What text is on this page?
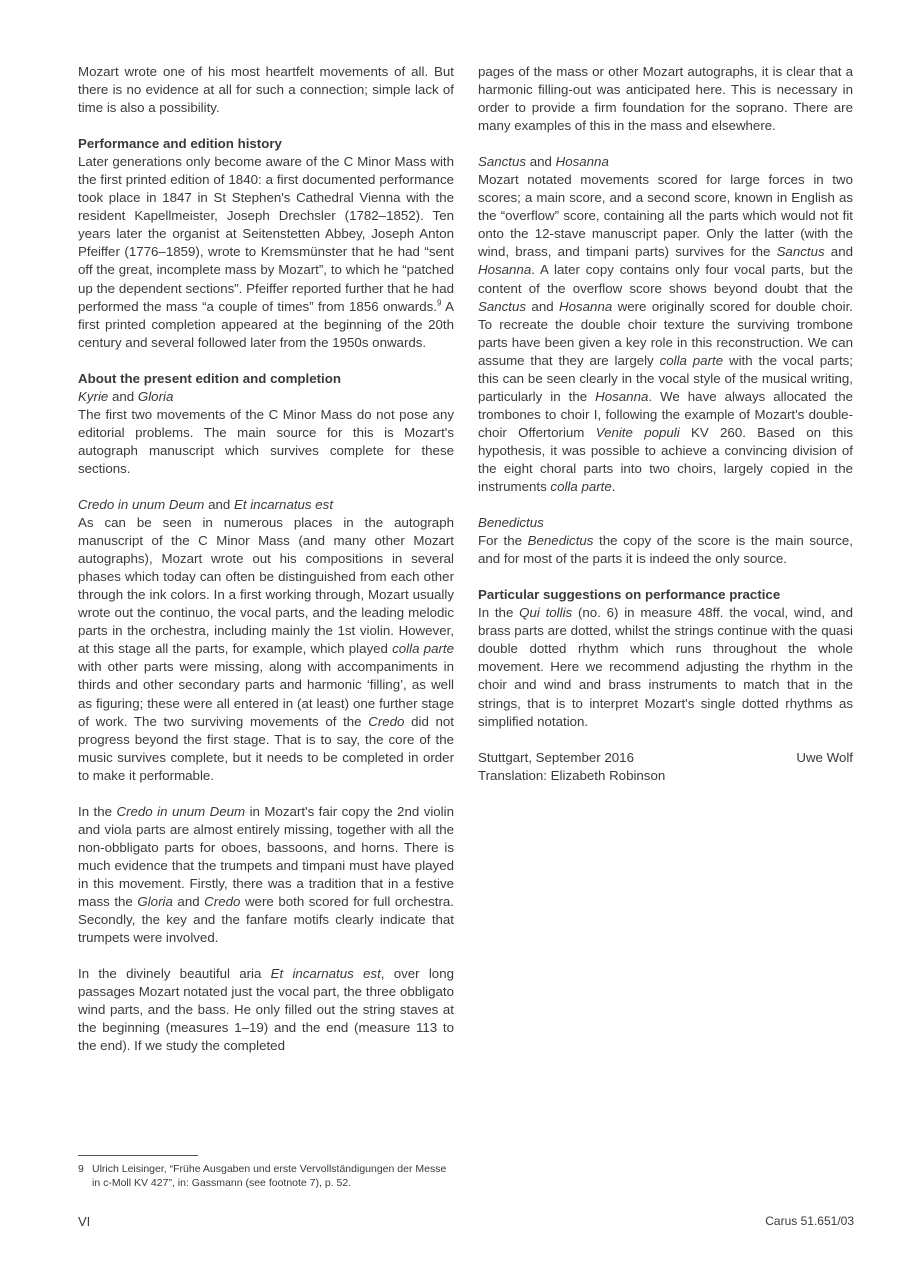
Mozart wrote one of his most heartfelt movements of all. But there is no evidence at all for such a connection; simple lack of time is also a possibility.

Performance and edition history

Later generations only become aware of the C Minor Mass with the first printed edition of 1840: a first documented performance took place in 1847 in St Stephen's Cathedral Vienna with the resident Kapellmeister, Joseph Drechsler (1782–1852). Ten years later the organist at Seitenstetten Abbey, Joseph Anton Pfeiffer (1776–1859), wrote to Kremsmünster that he had “sent off the great, incomplete mass by Mozart”, to which he “patched up the dependent sections”. Pfeiffer reported further that he had performed the mass “a couple of times” from 1856 onwards.$^9$ A first printed completion appeared at the beginning of the 20th century and several followed later from the 1950s onwards.

About the present edition and completion
Kyrie and Gloria

The first two movements of the C Minor Mass do not pose any editorial problems. The main source for this is Mozart's autograph manuscript which survives complete for these sections.

Credo in unum Deum and Et incarnatus est

As can be seen in numerous places in the autograph manuscript of the C Minor Mass (and many other Mozart autographs), Mozart wrote out his compositions in several phases which today can often be distinguished from each other through the ink colors. In a first working through, Mozart usually wrote out the continuo, the vocal parts, and the leading melodic parts in the orchestra, including mainly the 1st violin. However, at this stage all the parts, for example, which played colla parte with other parts were missing, along with accompaniments in thirds and other secondary parts and harmonic ‘filling’, as well as figuring; these were all entered in (at least) one further stage of work. The two surviving movements of the Credo did not progress beyond the first stage. That is to say, the core of the music survives complete, but it needs to be completed in order to make it performable.

In the Credo in unum Deum in Mozart's fair copy the 2nd violin and viola parts are almost entirely missing, together with all the non-obbligato parts for oboes, bassoons, and horns. There is much evidence that the trumpets and timpani must have played in this movement. Firstly, there was a tradition that in a festive mass the Gloria and Credo were both scored for full orchestra. Secondly, the key and the fanfare motifs clearly indicate that trumpets were involved.

In the divinely beautiful aria Et incarnatus est, over long passages Mozart notated just the vocal part, the three obbligato wind parts, and the bass. He only filled out the string staves at the beginning (measures 1–19) and the end (measure 113 to the end). If we study the completed

pages of the mass or other Mozart autographs, it is clear that a harmonic filling-out was anticipated here. This is necessary in order to provide a firm foundation for the soprano. There are many examples of this in the mass and elsewhere.

Sanctus and Hosanna

Mozart notated movements scored for large forces in two scores; a main score, and a second score, known in English as the “overflow” score, containing all the parts which would not fit onto the 12-stave manuscript paper. Only the latter (with the wind, brass, and timpani parts) survives for the Sanctus and Hosanna. A later copy contains only four vocal parts, but the content of the overflow score shows beyond doubt that the Sanctus and Hosanna were originally scored for double choir. To recreate the double choir texture the surviving trombone parts have been given a key role in this reconstruction. We can assume that they are largely colla parte with the vocal parts; this can be seen clearly in the vocal style of the musical writing, particularly in the Hosanna. We have always allocated the trombones to choir I, following the example of Mozart's double-choir Offertorium Venite populi KV 260. Based on this hypothesis, it was possible to achieve a convincing division of the eight choral parts into two choirs, largely copied in the instruments colla parte.

Benedictus

For the Benedictus the copy of the score is the main source, and for most of the parts it is indeed the only source.

Particular suggestions on performance practice

In the Qui tollis (no. 6) in measure 48ff. the vocal, wind, and brass parts are dotted, whilst the strings continue with the quasi double dotted rhythm which runs throughout the whole movement. Here we recommend adjusting the rhythm in the choir and wind and brass instruments to match that in the strings, that is to interpret Mozart's single dotted rhythms as simplified notation.

Stuttgart, September 2016	Uwe Wolf
Translation: Elizabeth Robinson
9 Ulrich Leisinger, “Frühe Ausgaben und erste Vervollständigungen der Messe in c-Moll KV 427”, in: Gassmann (see footnote 7), p. 52.
VI	Carus 51.651/03
